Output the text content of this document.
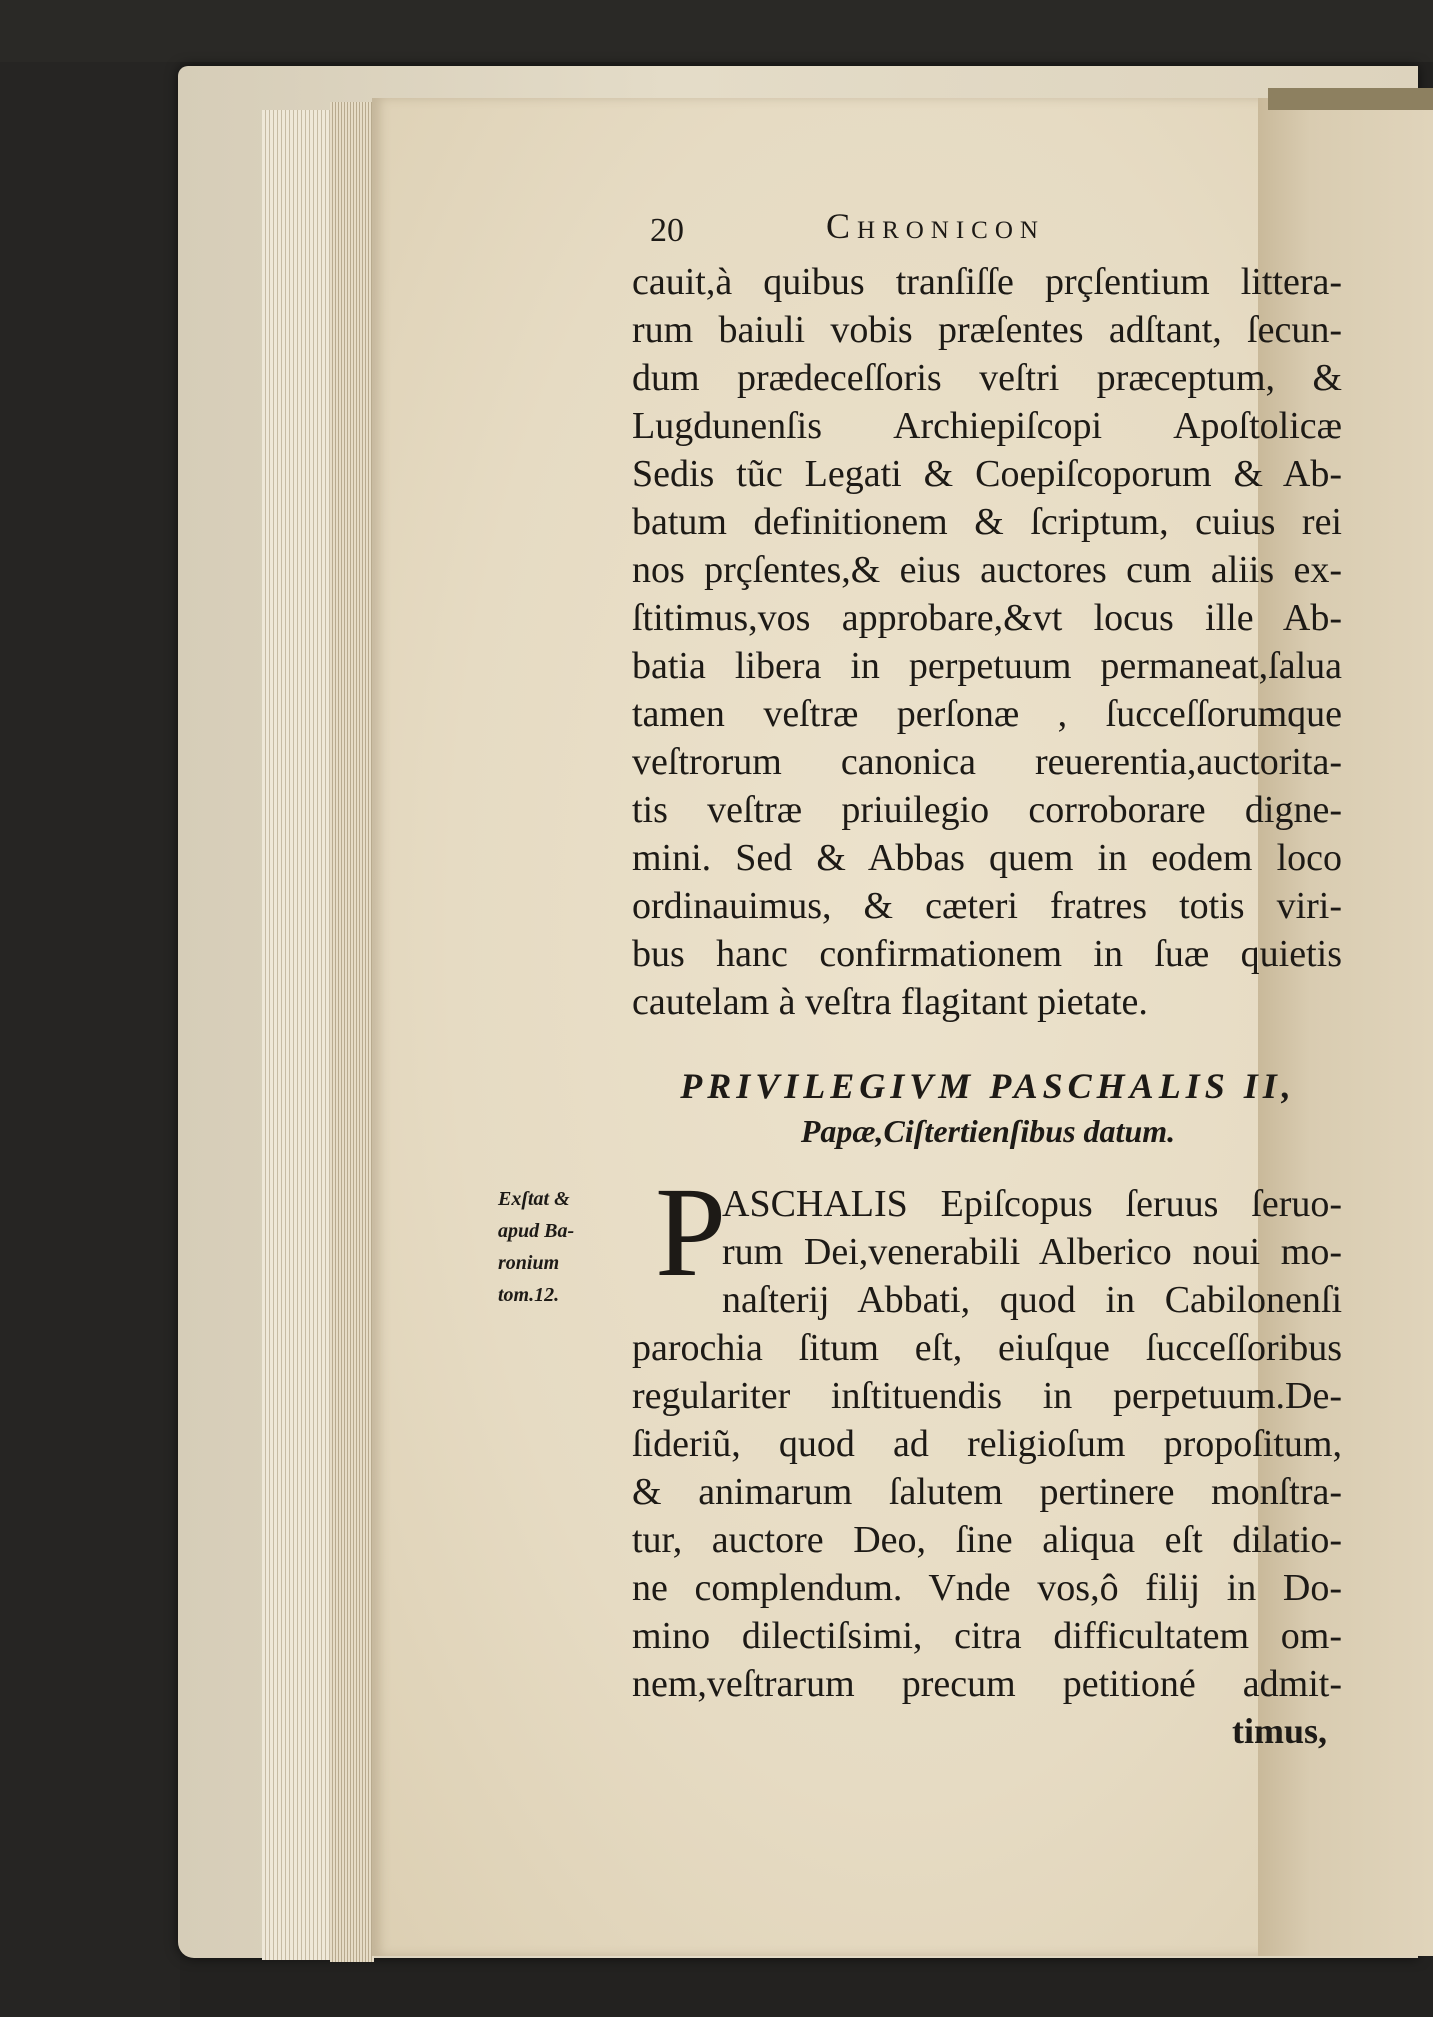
20	Chronicon
cauit,à quibus tranſiſſe prçſentium littera-
rum baiuli vobis præſentes adſtant, ſecun-
dum prædeceſſoris veſtri præceptum, &
Lugdunenſis Archiepiſcopi Apoſtolicæ
Sedis tũc Legati & Coepiſcoporum & Ab-
batum definitionem & ſcriptum, cuius rei
nos prçſentes,& eius auctores cum aliis ex-
ſtitimus,vos approbare,&vt locus ille Ab-
batia libera in perpetuum permaneat,ſalua
tamen veſtræ perſonæ , ſucceſſorumque
veſtrorum canonica reuerentia,auctorita-
tis veſtræ priuilegio corroborare digne-
mini. Sed & Abbas quem in eodem loco
ordinauimus, & cæteri fratres totis viri-
bus hanc confirmationem in ſuæ quietis
cautelam à veſtra flagitant pietate.
PRIVILEGIVM PASCHALIS II,
Papæ,Ciſtertienſibus datum.
Exſtat &
apud Ba-
ronium
tom.12. P
ASCHALIS Epiſcopus ſeruus ſeruo-
rum Dei,venerabili Alberico noui mo-
naſterij Abbati, quod in Cabilonenſi
parochia ſitum eſt, eiuſque ſucceſſoribus
regulariter inſtituendis in perpetuum.De-
ſideriũ, quod ad religioſum propoſitum,
& animarum ſalutem pertinere monſtra-
tur, auctore Deo, ſine aliqua eſt dilatio-
ne complendum. Vnde vos,ô filij in Do-
mino dilectiſsimi, citra difficultatem om-
nem,veſtrarum precum petitioné admit-
timus,
